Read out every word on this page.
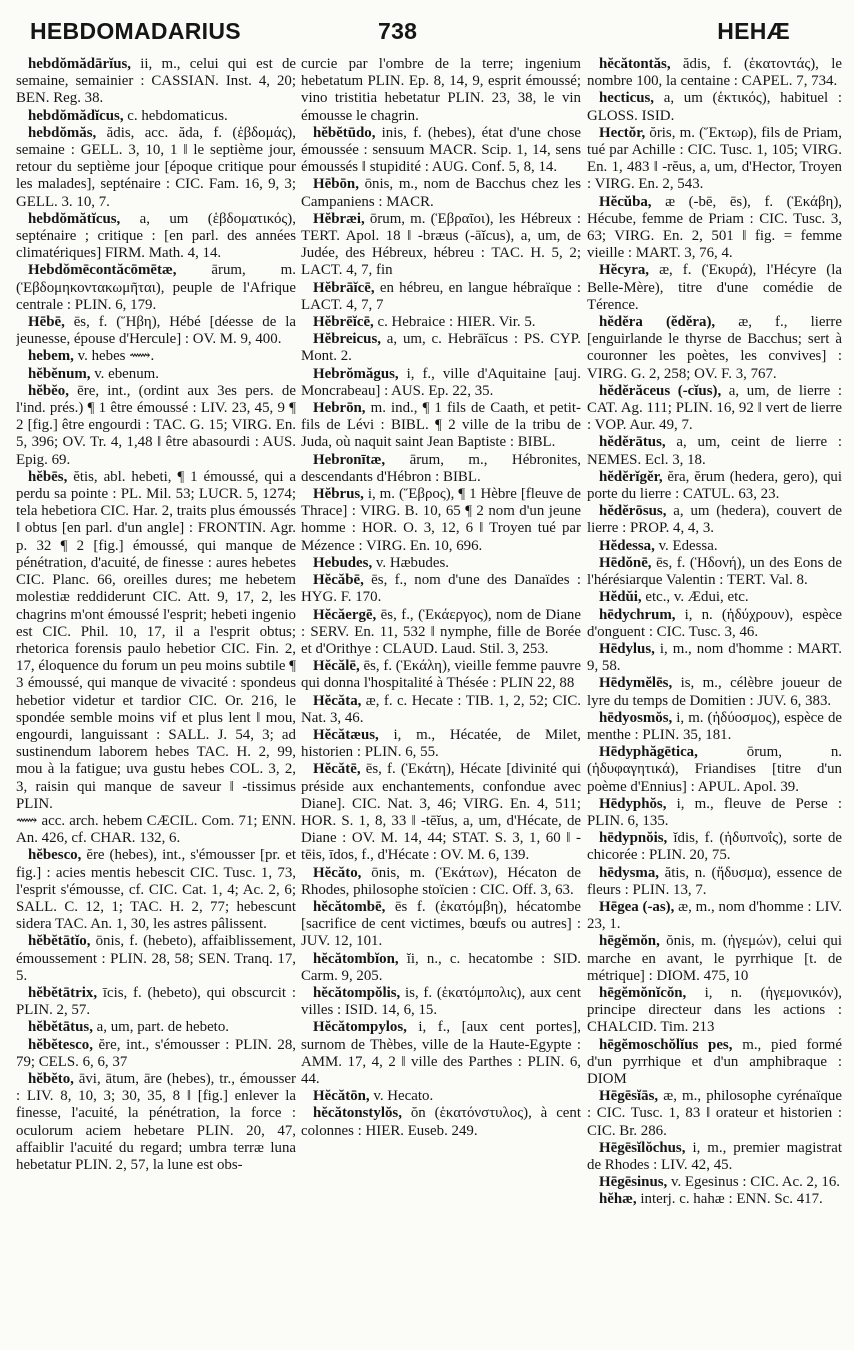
HEBDOMADARIUS	738	HEHÆ

hebdŏmădārĭus, ii, m., celui qui est de semaine, semainier : CASSIAN. Inst. 4, 20; BEN. Reg. 38.

hebdŏmădĭcus, c. hebdomaticus.

hebdŏmăs, ădis, acc. ăda, f. (ἑβδομάς), semaine : GELL. 3, 10, 1 ‖ le septième jour, retour du septième jour [époque critique pour les malades], septénaire : CIC. Fam. 16, 9, 3; GELL. 3. 10, 7.

hebdŏmătĭcus, a, um (ἑβδοματικός), septénaire ; critique : [en parl. des années climatériques] FIRM. Math. 4, 14.

Hebdŏmēcontăcōmētæ, ārum, m. (Ἑβδομηκοντακωμῆται), peuple de l'Afrique centrale : PLIN. 6, 179.

Hēbē, ēs, f. (Ἥβη), Hébé [déesse de la jeunesse, épouse d'Hercule] : OV. M. 9, 400.

hebem, v. hebes ⟿.

hĕbĕnum, v. ebenum.

hĕbĕo, ēre, int., (ordint aux 3es pers. de l'ind. prés.) ¶ 1 être émoussé : LIV. 23, 45, 9 ¶ 2 [fig.] être engourdi : TAC. G. 15; VIRG. En. 5, 396; OV. Tr. 4, 1,48 ‖ être abasourdi : AUS. Epig. 69.

hĕbēs, ĕtis, abl. hebeti, ¶ 1 émoussé, qui a perdu sa pointe : PL. Mil. 53; LUCR. 5, 1274; tela hebetiora CIC. Har. 2, traits plus émoussés ‖ obtus [en parl. d'un angle] : FRONTIN. Agr. p. 32 ¶ 2 [fig.] émoussé, qui manque de pénétration, d'acuité, de finesse : aures hebetes CIC. Planc. 66, oreilles dures; me hebetem molestiæ reddiderunt CIC. Att. 9, 17, 2, les chagrins m'ont émoussé l'esprit; hebeti ingenio est CIC. Phil. 10, 17, il a l'esprit obtus; rhetorica forensis paulo hebetior CIC. Fin. 2, 17, éloquence du forum un peu moins subtile ¶ 3 émoussé, qui manque de vivacité : spondeus hebetior videtur et tardior CIC. Or. 216, le spondée semble moins vif et plus lent ‖ mou, engourdi, languissant : SALL. J. 54, 3; ad sustinendum laborem hebes TAC. H. 2, 99, mou à la fatigue; uva gustu hebes COL. 3, 2, 3, raisin qui manque de saveur ‖ -tissimus PLIN.

⟿ acc. arch. hebem CÆCIL. Com. 71; ENN. An. 426, cf. CHAR. 132, 6.

hĕbesco, ĕre (hebes), int., s'émousser [pr. et fig.] : acies mentis hebescit CIC. Tusc. 1, 73, l'esprit s'émousse, cf. CIC. Cat. 1, 4; Ac. 2, 6; SALL. C. 12, 1; TAC. H. 2, 77; hebescunt sidera TAC. An. 1, 30, les astres pâlissent.

hĕbĕtātĭo, ōnis, f. (hebeto), affaiblissement, émoussement : PLIN. 28, 58; SEN. Tranq. 17, 5.

hĕbĕtātrix, īcis, f. (hebeto), qui obscurcit : PLIN. 2, 57.

hĕbĕtātus, a, um, part. de hebeto.

hĕbĕtesco, ĕre, int., s'émousser : PLIN. 28, 79; CELS. 6, 6, 37

hĕbĕto, āvi, ātum, āre (hebes), tr., émousser : LIV. 8, 10, 3; 30, 35, 8 ‖ [fig.] enlever la finesse, l'acuité, la pénétration, la force : oculorum aciem hebetare PLIN. 20, 47, affaiblir l'acuité du regard; umbra terræ luna hebetatur PLIN. 2, 57, la lune est obs-

curcie par l'ombre de la terre; ingenium hebetatum PLIN. Ep. 8, 14, 9, esprit émoussé; vino tristitia hebetatur PLIN. 23, 38, le vin émousse le chagrin.

hĕbĕtūdo, inis, f. (hebes), état d'une chose émoussée : sensuum MACR. Scip. 1, 14, sens émoussés ‖ stupidité : AUG. Conf. 5, 8, 14.

Hēbōn, ōnis, m., nom de Bacchus chez les Campaniens : MACR.

Hĕbræi, ōrum, m. (Ἑβραῖοι), les Hébreux : TERT. Apol. 18 ‖ -bræus (-āĭcus), a, um, de Judée, des Hébreux, hébreu : TAC. H. 5, 2; LACT. 4, 7, fin

Hĕbrāĭcē, en hébreu, en langue hébraïque : LACT. 4, 7, 7

Hĕbrēĭcē, c. Hebraice : HIER. Vir. 5.

Hĕbreicus, a, um, c. Hebrāĭcus : PS. CYP. Mont. 2.

Hebrŏmăgus, i, f., ville d'Aquitaine [auj. Moncrabeau] : AUS. Ep. 22, 35.

Hebrōn, m. ind., ¶ 1 fils de Caath, et petit-fils de Lévi : BIBL. ¶ 2 ville de la tribu de Juda, où naquit saint Jean Baptiste : BIBL.

Hebronītæ, ārum, m., Hébronites, descendants d'Hébron : BIBL.

Hĕbrus, i, m. (Ἕβρος), ¶ 1 Hèbre [fleuve de Thrace] : VIRG. B. 10, 65 ¶ 2 nom d'un jeune homme : HOR. O. 3, 12, 6 ‖ Troyen tué par Mézence : VIRG. En. 10, 696.

Hebudes, v. Hæbudes.

Hĕcăbē, ēs, f., nom d'une des Danaïdes : HYG. F. 170.

Hĕcăergē, ēs, f., (Ἑκάεργος), nom de Diane : SERV. En. 11, 532 ‖ nymphe, fille de Borée et d'Orithye : CLAUD. Laud. Stil. 3, 253.

Hĕcălē, ēs, f. (Ἑκάλη), vieille femme pauvre qui donna l'hospitalité à Thésée : PLIN 22, 88

Hĕcăta, æ, f. c. Hecate : TIB. 1, 2, 52; CIC. Nat. 3, 46.

Hĕcătæus, i, m., Hécatée, de Milet, historien : PLIN. 6, 55.

Hĕcătē, ēs, f. (Ἑκάτη), Hécate [divinité qui préside aux enchantements, confondue avec Diane]. CIC. Nat. 3, 46; VIRG. En. 4, 511; HOR. S. 1, 8, 33 ‖ -tēĭus, a, um, d'Hécate, de Diane : OV. M. 14, 44; STAT. S. 3, 1, 60 ‖ -tēis, īdos, f., d'Hécate : OV. M. 6, 139.

Hĕcăto, ōnis, m. (Ἑκάτων), Hécaton de Rhodes, philosophe stoïcien : CIC. Off. 3, 63.

hĕcătombē, ēs f. (ἑκατόμβη), hécatombe [sacrifice de cent victimes, bœufs ou autres] : JUV. 12, 101.

hĕcătombĭon, ĭi, n., c. hecatombe : SID. Carm. 9, 205.

hĕcătompŏlis, is, f. (ἑκατόμπολις), aux cent villes : ISID. 14, 6, 15.

Hĕcătompylos, i, f., [aux cent portes], surnom de Thèbes, ville de la Haute-Egypte : AMM. 17, 4, 2 ‖ ville des Parthes : PLIN. 6, 44.

Hĕcătōn, v. Hecato.

hĕcătonstylŏs, ŏn (ἑκατόνστυλος), à cent colonnes : HIER. Euseb. 249.

hĕcătontăs, ădis, f. (ἑκατοντάς), le nombre 100, la centaine : CAPEL. 7, 734.

hecticus, a, um (ἑκτικός), habituel : GLOSS. ISID.

Hectŏr, ŏris, m. (Ἕκτωρ), fils de Priam, tué par Achille : CIC. Tusc. 1, 105; VIRG. En. 1, 483 ‖ -rĕus, a, um, d'Hector, Troyen : VIRG. En. 2, 543.

Hĕcŭba, æ (-bē, ēs), f. (Ἑκάβη), Hécube, femme de Priam : CIC. Tusc. 3, 63; VIRG. En. 2, 501 ‖ fig. = femme vieille : MART. 3, 76, 4.

Hĕcyra, æ, f. (Ἑκυρά), l'Hécyre (la Belle-Mère), titre d'une comédie de Térence.

hĕdĕra (ĕdĕra), æ, f., lierre [enguirlande le thyrse de Bacchus; sert à couronner les poètes, les convives] : VIRG. G. 2, 258; OV. F. 3, 767.

hĕdĕrăceus (-cĭus), a, um, de lierre : CAT. Ag. 111; PLIN. 16, 92 ‖ vert de lierre : VOP. Aur. 49, 7.

hĕdĕrātus, a, um, ceint de lierre : NEMES. Ecl. 3, 18.

hĕdĕrĭgĕr, ĕra, ĕrum (hedera, gero), qui porte du lierre : CATUL. 63, 23.

hĕdĕrōsus, a, um (hedera), couvert de lierre : PROP. 4, 4, 3.

Hĕdessa, v. Edessa.

Hēdŏnē, ēs, f. (Ἡδονή), un des Eons de l'hérésiarque Valentin : TERT. Val. 8.

Hĕdŭi, etc., v. Ædui, etc.

hēdychrum, i, n. (ἡδύχρουν), espèce d'onguent : CIC. Tusc. 3, 46.

Hēdylus, i, m., nom d'homme : MART. 9, 58.

Hēdymĕlēs, is, m., célèbre joueur de lyre du temps de Domitien : JUV. 6, 383.

hēdyosmŏs, i, m. (ἡδύοσμος), espèce de menthe : PLIN. 35, 181.

Hēdyphăgētica, ōrum, n. (ἡδυφαγητικά), Friandises [titre d'un poème d'Ennius] : APUL. Apol. 39.

Hēdyphŏs, i, m., fleuve de Perse : PLIN. 6, 135.

hēdypnŏis, ĭdis, f. (ἡδυπνοΐς), sorte de chicorée : PLIN. 20, 75.

hēdysma, ătis, n. (ἥδυσμα), essence de fleurs : PLIN. 13, 7.

Hēgea (-as), æ, m., nom d'homme : LIV. 23, 1.

hēgĕmŏn, ŏnis, m. (ἡγεμών), celui qui marche en avant, le pyrrhique [t. de métrique] : DIOM. 475, 10

hēgĕmŏnĭcŏn, i, n. (ἡγεμονικόν), principe directeur dans les actions : CHALCID. Tim. 213

hēgĕmoschŏlĭus pes, m., pied formé d'un pyrrhique et d'un amphibraque : DIOM

Hēgēsĭās, æ, m., philosophe cyrénaïque : CIC. Tusc. 1, 83 ‖ orateur et historien : CIC. Br. 286.

Hēgēsĭlŏchus, i, m., premier magistrat de Rhodes : LIV. 42, 45.

Hēgēsinus, v. Egesinus : CIC. Ac. 2, 16.

hĕhæ, interj. c. hahæ : ENN. Sc. 417.
